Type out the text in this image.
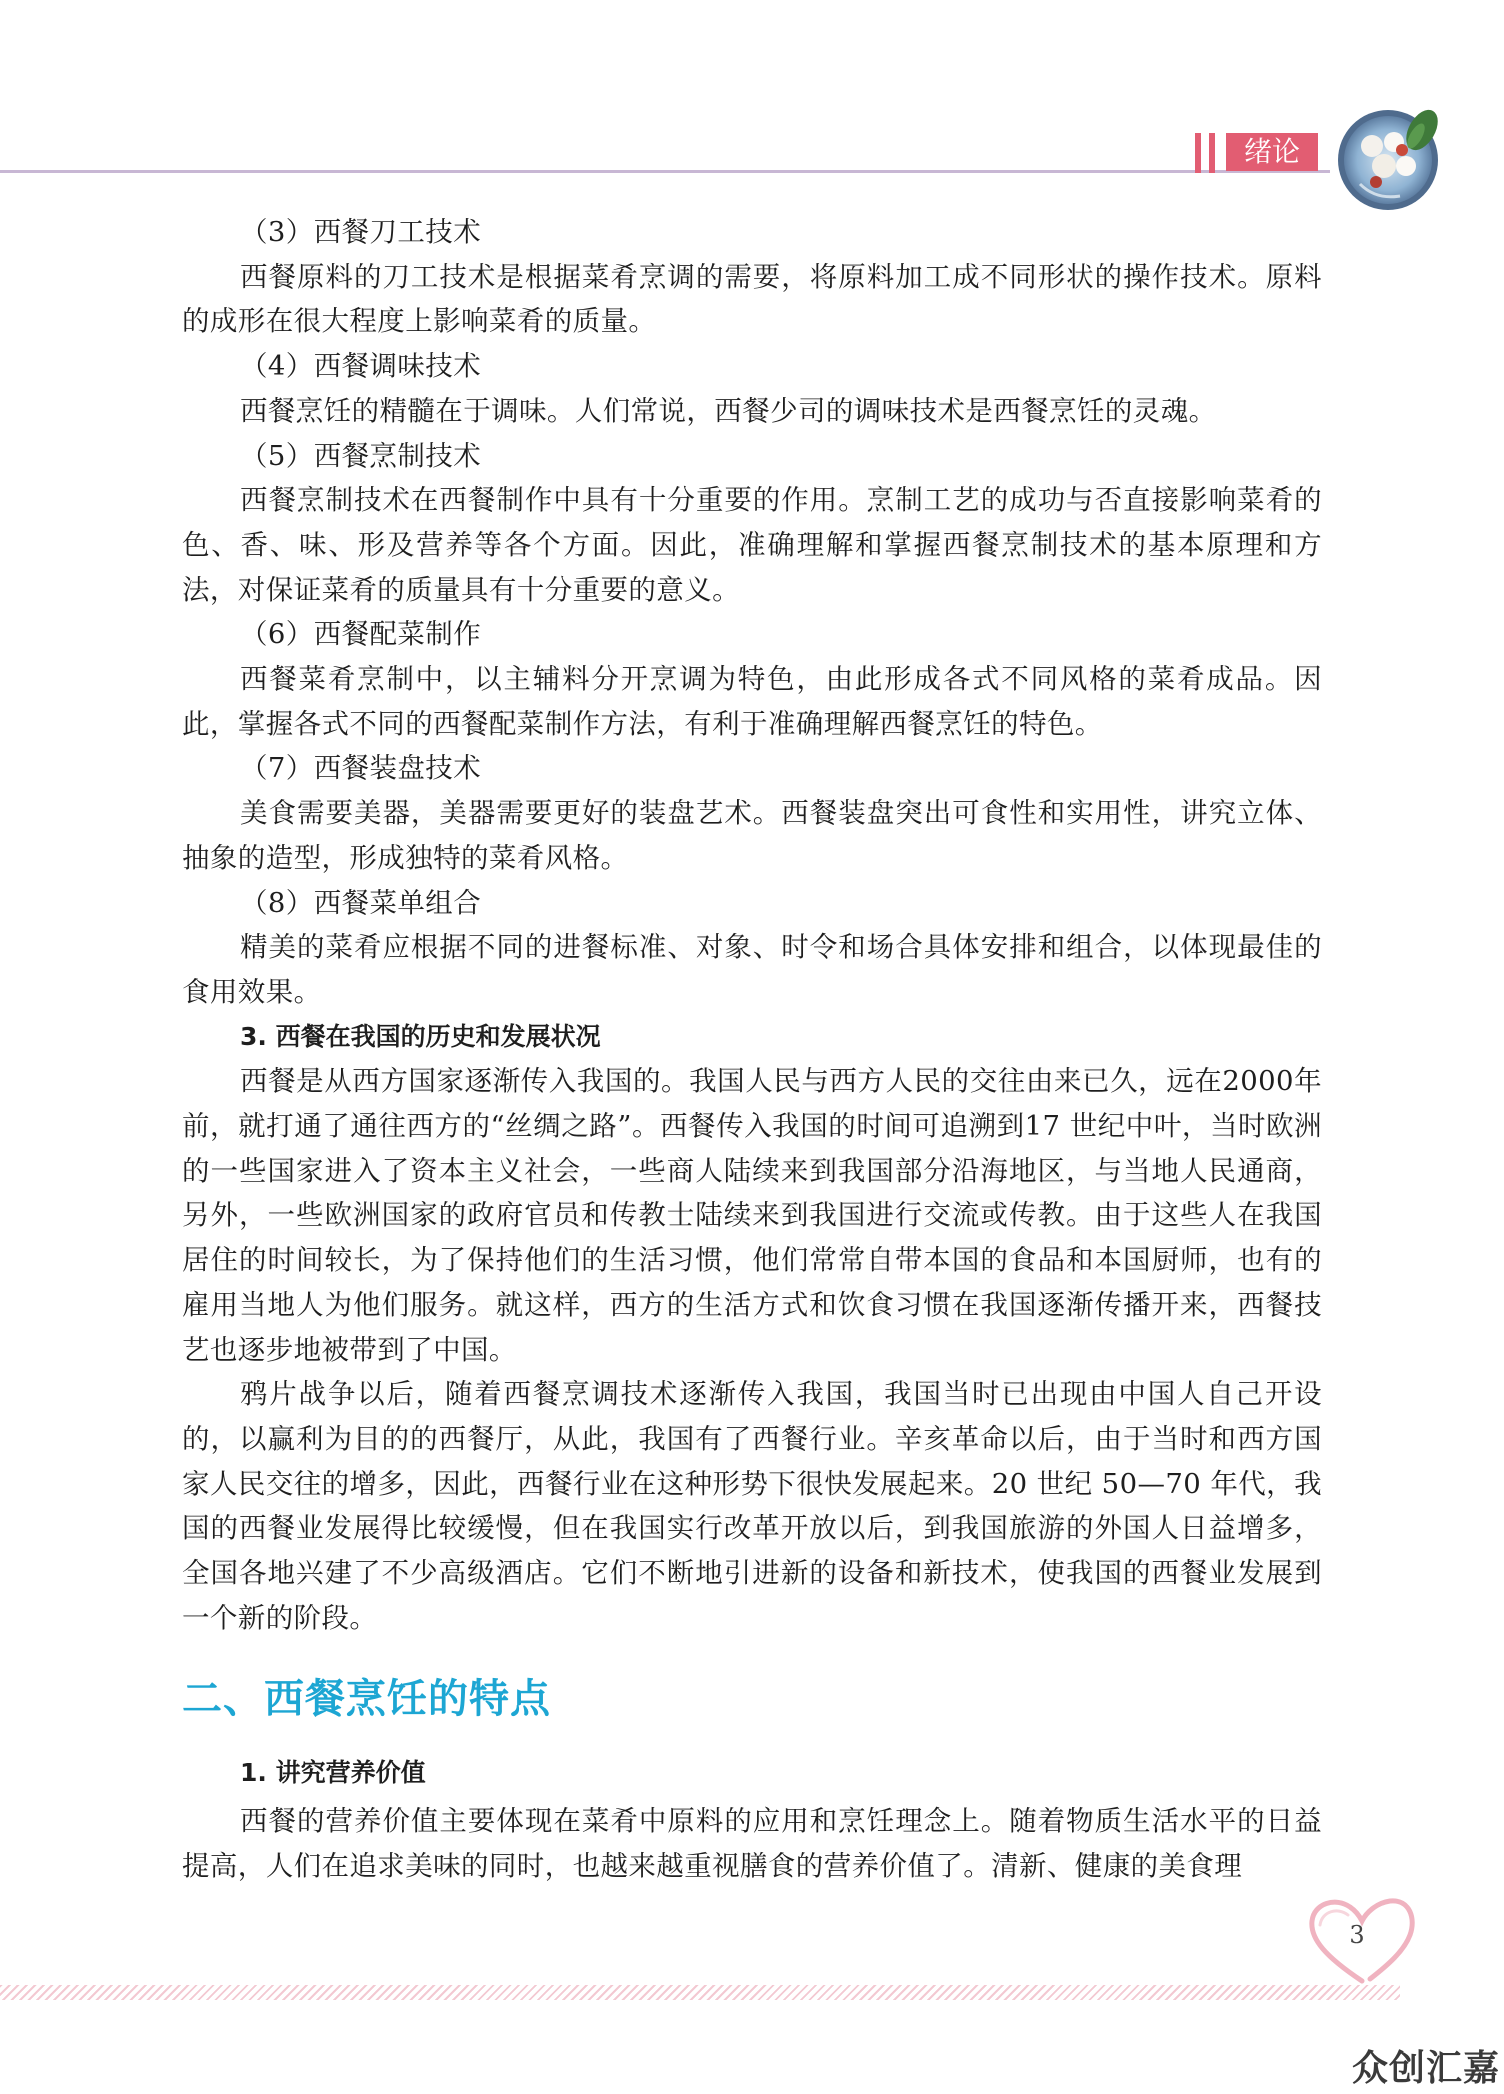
绪论

（3）西餐刀工技术

西餐原料的刀工技术是根据菜肴烹调的需要，将原料加工成不同形状的操作技术。原料的成形在很大程度上影响菜肴的质量。

（4）西餐调味技术

西餐烹饪的精髓在于调味。人们常说，西餐少司的调味技术是西餐烹饪的灵魂。

（5）西餐烹制技术

西餐烹制技术在西餐制作中具有十分重要的作用。烹制工艺的成功与否直接影响菜肴的色、香、味、形及营养等各个方面。因此，准确理解和掌握西餐烹制技术的基本原理和方法，对保证菜肴的质量具有十分重要的意义。

（6）西餐配菜制作

西餐菜肴烹制中，以主辅料分开烹调为特色，由此形成各式不同风格的菜肴成品。因此，掌握各式不同的西餐配菜制作方法，有利于准确理解西餐烹饪的特色。

（7）西餐装盘技术

美食需要美器，美器需要更好的装盘艺术。西餐装盘突出可食性和实用性，讲究立体、抽象的造型，形成独特的菜肴风格。

（8）西餐菜单组合

精美的菜肴应根据不同的进餐标准、对象、时令和场合具体安排和组合，以体现最佳的食用效果。

3. 西餐在我国的历史和发展状况

西餐是从西方国家逐渐传入我国的。我国人民与西方人民的交往由来已久，远在2000年前，就打通了通往西方的“丝绸之路”。西餐传入我国的时间可追溯到17 世纪中叶，当时欧洲的一些国家进入了资本主义社会，一些商人陆续来到我国部分沿海地区，与当地人民通商，另外，一些欧洲国家的政府官员和传教士陆续来到我国进行交流或传教。由于这些人在我国居住的时间较长，为了保持他们的生活习惯，他们常常自带本国的食品和本国厨师，也有的雇用当地人为他们服务。就这样，西方的生活方式和饮食习惯在我国逐渐传播开来，西餐技艺也逐步地被带到了中国。

鸦片战争以后，随着西餐烹调技术逐渐传入我国，我国当时已出现由中国人自己开设的，以赢利为目的的西餐厅，从此，我国有了西餐行业。辛亥革命以后，由于当时和西方国家人民交往的增多，因此，西餐行业在这种形势下很快发展起来。20 世纪 50—70 年代，我国的西餐业发展得比较缓慢，但在我国实行改革开放以后，到我国旅游的外国人日益增多，全国各地兴建了不少高级酒店。它们不断地引进新的设备和新技术，使我国的西餐业发展到一个新的阶段。

二、西餐烹饪的特点

1. 讲究营养价值

西餐的营养价值主要体现在菜肴中原料的应用和烹饪理念上。随着物质生活水平的日益提高，人们在追求美味的同时，也越来越重视膳食的营养价值了。清新、健康的美食理

3
众创汇嘉
